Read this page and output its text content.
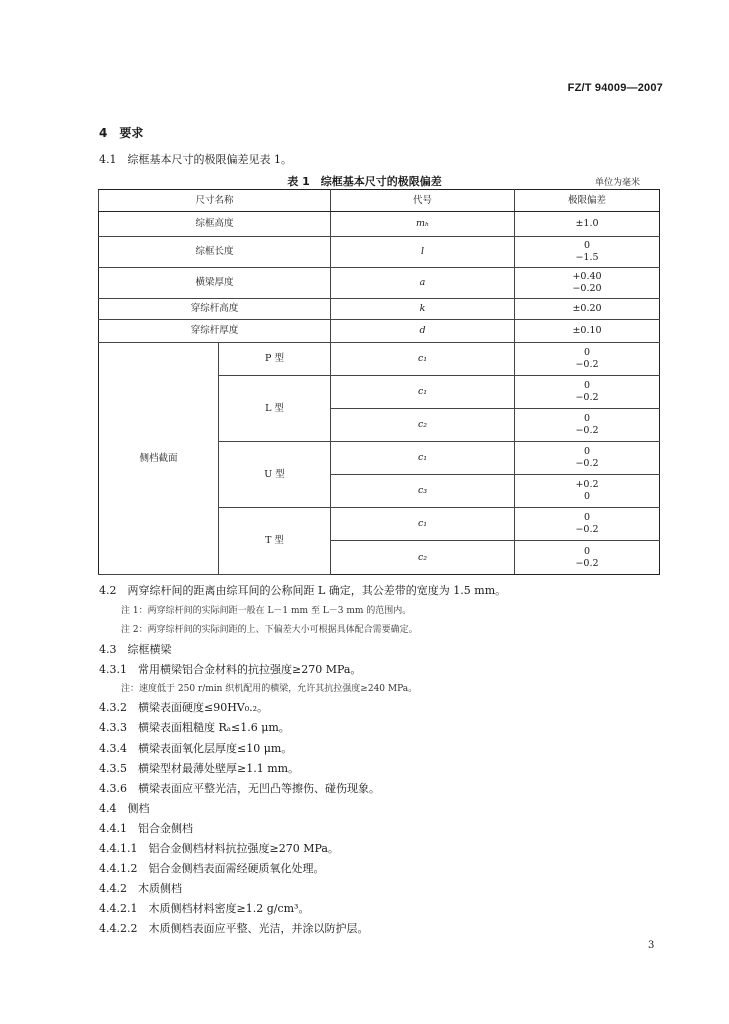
FZ/T 94009—2007
4　要求
4.1　综框基本尺寸的极限偏差见表 1。
表 1　综框基本尺寸的极限偏差	单位为毫米
尺寸名称		代号	极限偏差
综框高度		mₕ	±1.0
综框长度		l	0
−1.5

横梁厚度		a	+0.40
−0.20

穿综杆高度		k	±0.20
穿综杆厚度		d	±0.10
侧档截面	P 型	c₁	0
−0.2

	L 型	c₁	0
−0.2

		c₂	0
−0.2

	U 型	c₁	0
−0.2

		c₃	+0.2
0

	T 型	c₁	0
−0.2

		c₂	0
−0.2
4.2　两穿综杆间的距离由综耳间的公称间距 L 确定，其公差带的宽度为 1.5 mm。
注 1：两穿综杆间的实际间距一般在 L－1 mm 至 L－3 mm 的范围内。
注 2：两穿综杆间的实际间距的上、下偏差大小可根据具体配合需要确定。
4.3　综框横梁
4.3.1　常用横梁铝合金材料的抗拉强度≥270 MPa。
注：速度低于 250 r/min 织机配用的横梁，允许其抗拉强度≥240 MPa。
4.3.2　横梁表面硬度≤90HV₀.₂。
4.3.3　横梁表面粗糙度 Rₐ≤1.6 μm。
4.3.4　横梁表面氧化层厚度≤10 μm。
4.3.5　横梁型材最薄处壁厚≥1.1 mm。
4.3.6　横梁表面应平整光洁，无凹凸等擦伤、碰伤现象。
4.4　侧档
4.4.1　铝合金侧档
4.4.1.1　铝合金侧档材料抗拉强度≥270 MPa。
4.4.1.2　铝合金侧档表面需经硬质氧化处理。
4.4.2　木质侧档
4.4.2.1　木质侧档材料密度≥1.2 g/cm³。
4.4.2.2　木质侧档表面应平整、光洁，并涂以防护层。
3
